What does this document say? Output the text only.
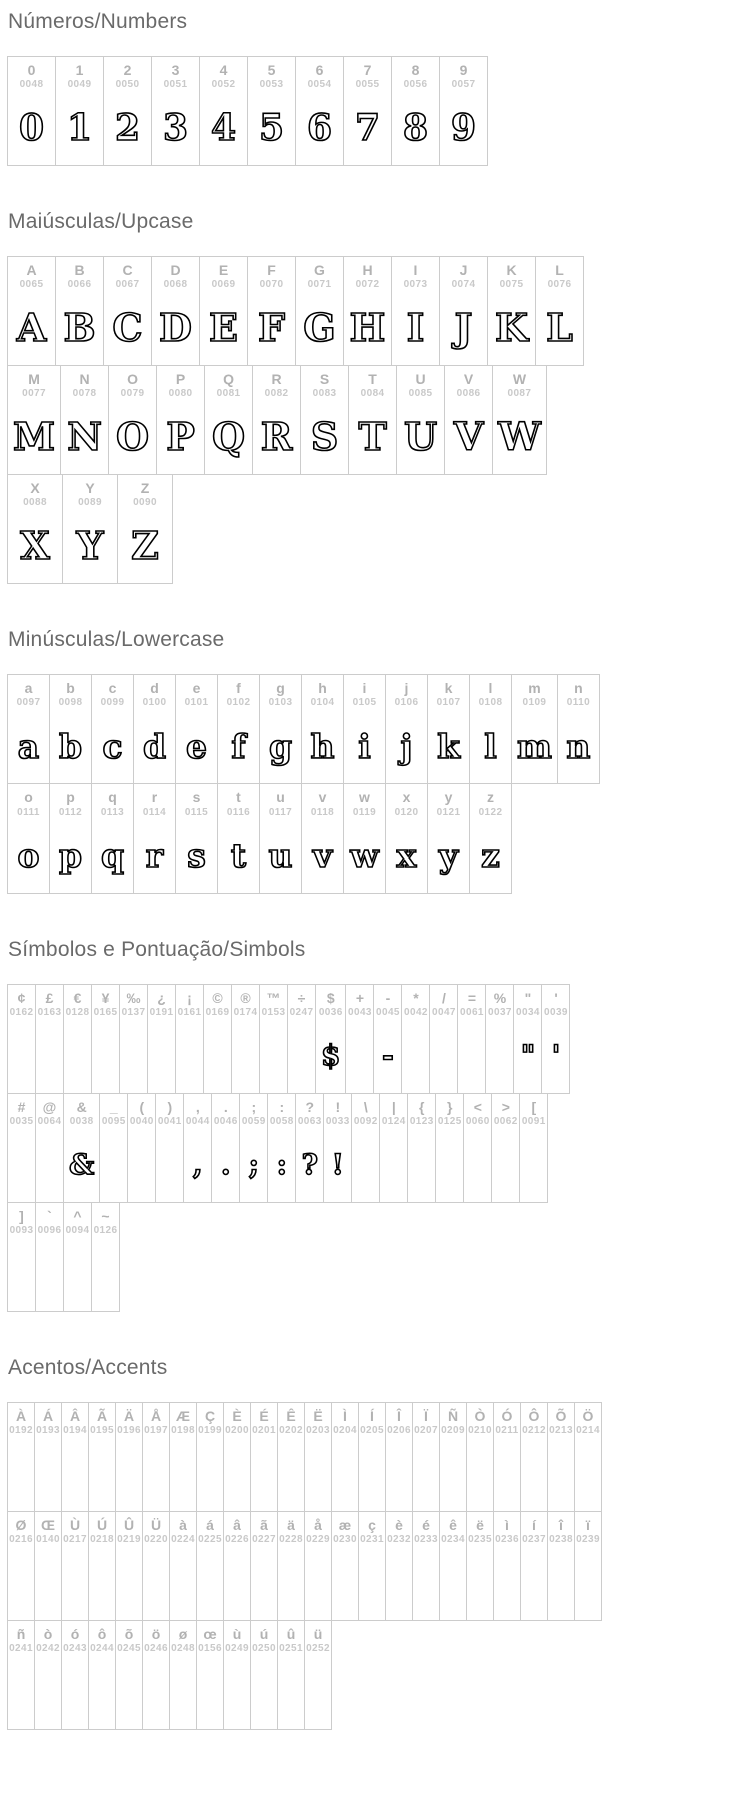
Números/Numbers
0
0048
0
1
0049
1
2
0050
2
3
0051
3
4
0052
4
5
0053
5
6
0054
6
7
0055
7
8
0056
8
9
0057
9
Maiúsculas/Upcase
A
0065
A
B
0066
B
C
0067
C
D
0068
D
E
0069
E
F
0070
F
G
0071
G
H
0072
H
I
0073
I
J
0074
J
K
0075
K
L
0076
L
M
0077
M
N
0078
N
O
0079
O
P
0080
P
Q
0081
Q
R
0082
R
S
0083
S
T
0084
T
U
0085
U
V
0086
V
W
0087
W
X
0088
X
Y
0089
Y
Z
0090
Z
Minúsculas/Lowercase
a
0097
a
b
0098
b
c
0099
c
d
0100
d
e
0101
e
f
0102
f
g
0103
g
h
0104
h
i
0105
i
j
0106
j
k
0107
k
l
0108
l
m
0109
m
n
0110
n
o
0111
o
p
0112
p
q
0113
q
r
0114
r
s
0115
s
t
0116
t
u
0117
u
v
0118
v
w
0119
w
x
0120
x
y
0121
y
z
0122
z
Símbolos e Pontuação/Simbols
¢
0162
£
0163
€
0128
¥
0165
‰
0137
¿
0191
¡
0161
©
0169
®
0174
™
0153
÷
0247
$
0036
$
+
0043
-
0045
-
*
0042
/
0047
=
0061
%
0037
"
0034
"
'
0039
'
#
0035
@
0064
&
0038
&
_
0095
(
0040
)
0041
,
0044
,
.
0046
.
;
0059
;
:
0058
:
?
0063
?
!
0033
!
\
0092
|
0124
{
0123
}
0125
<
0060
>
0062
[
0091
]
0093
`
0096
^
0094
~
0126
Acentos/Accents
À
0192
Á
0193
Â
0194
Ã
0195
Ä
0196
Å
0197
Æ
0198
Ç
0199
È
0200
É
0201
Ê
0202
Ë
0203
Ì
0204
Í
0205
Î
0206
Ï
0207
Ñ
0209
Ò
0210
Ó
0211
Ô
0212
Õ
0213
Ö
0214
Ø
0216
Œ
0140
Ù
0217
Ú
0218
Û
0219
Ü
0220
à
0224
á
0225
â
0226
ã
0227
ä
0228
å
0229
æ
0230
ç
0231
è
0232
é
0233
ê
0234
ë
0235
ì
0236
í
0237
î
0238
ï
0239
ñ
0241
ò
0242
ó
0243
ô
0244
õ
0245
ö
0246
ø
0248
œ
0156
ù
0249
ú
0250
û
0251
ü
0252
